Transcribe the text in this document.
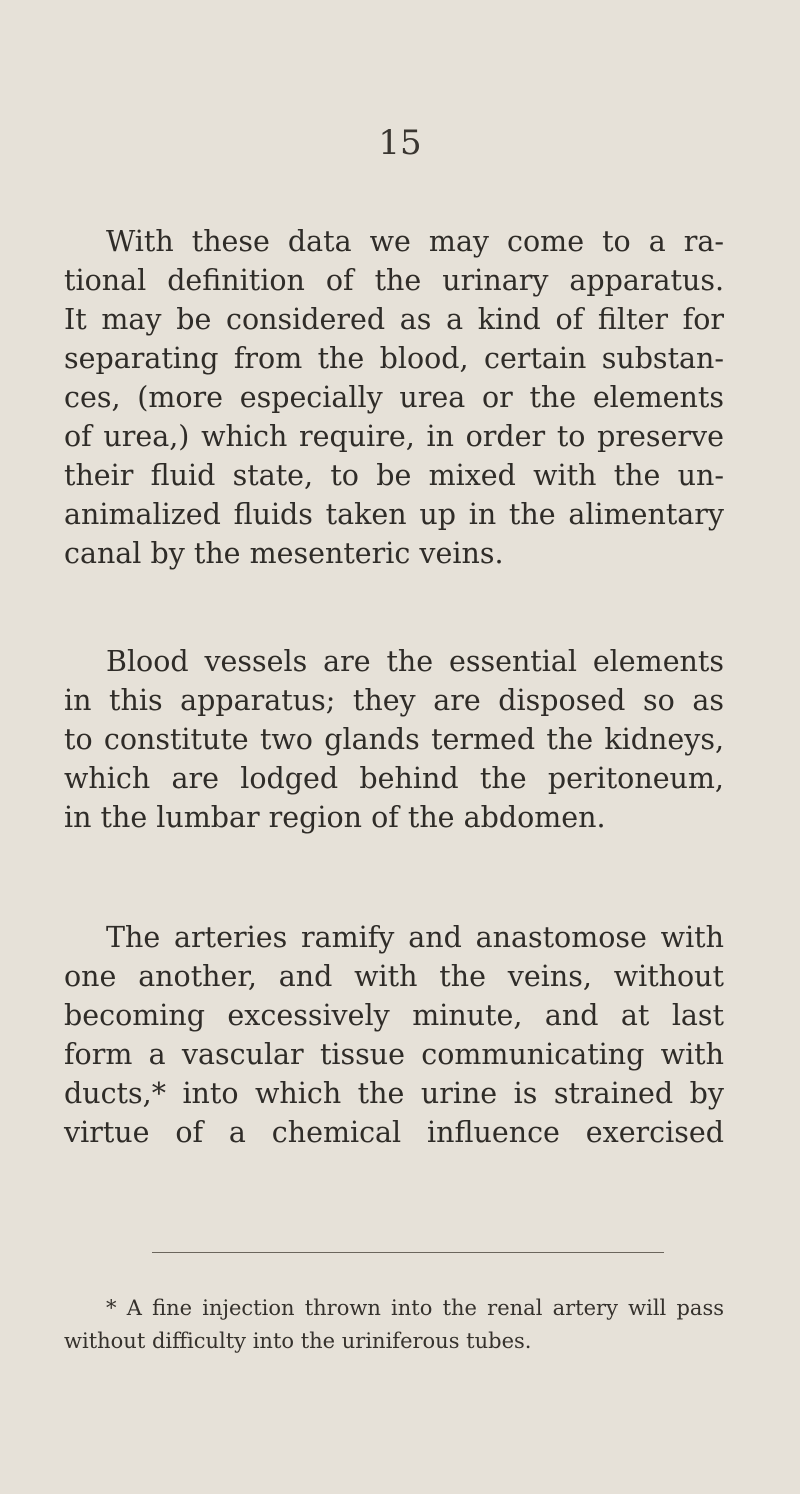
15

With these data we may come to a ra-
tional definition of the urinary apparatus.
It may be considered as a kind of filter for
separating from the blood, certain substan-
ces, (more especially urea or the elements
of urea,) which require, in order to preserve
their fluid state, to be mixed with the un-
animalized fluids taken up in the alimentary
canal by the mesenteric veins.

Blood vessels are the essential elements
in this apparatus; they are disposed so as
to constitute two glands termed the kidneys,
which are lodged behind the peritoneum,
in the lumbar region of the abdomen.

The arteries ramify and anastomose with
one another, and with the veins, without
becoming excessively minute, and at last
form a vascular tissue communicating with
ducts,* into which the urine is strained by
virtue of a chemical influence exercised

* A fine injection thrown into the renal artery will pass
without difficulty into the uriniferous tubes.
